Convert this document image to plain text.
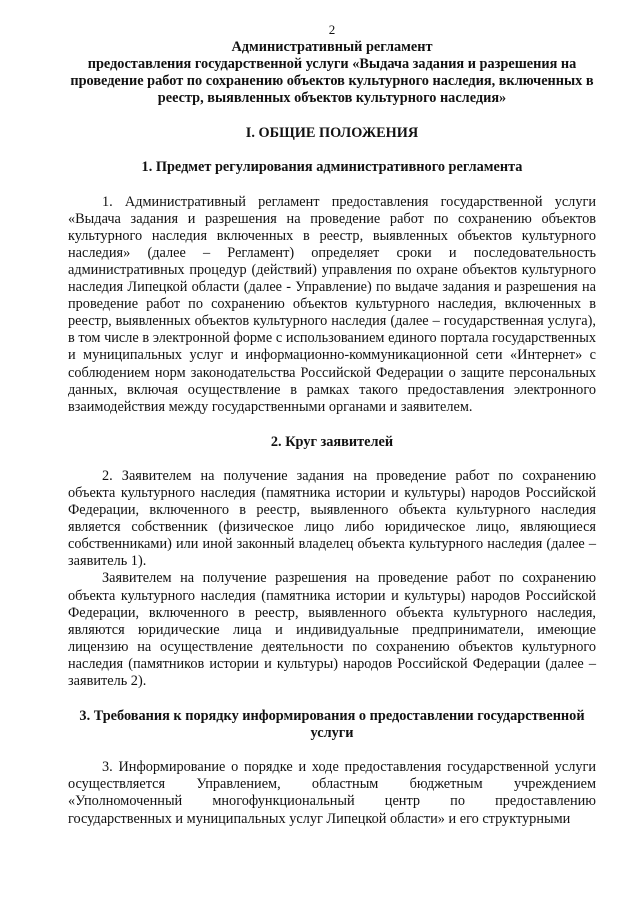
2
Административный регламент
предоставления государственной услуги «Выдача задания и разрешения на проведение работ по сохранению объектов культурного наследия, включенных в реестр, выявленных объектов культурного наследия»
I. ОБЩИЕ ПОЛОЖЕНИЯ
1. Предмет регулирования административного регламента

1. Административный регламент предоставления государственной услуги «Выдача задания и разрешения на проведение работ по сохранению объектов культурного наследия включенных в реестр, выявленных объектов культурного наследия» (далее – Регламент) определяет сроки и последовательность административных процедур (действий) управления по охране объектов культурного наследия Липецкой области (далее - Управление) по выдаче задания и разрешения на проведение работ по сохранению объектов культурного наследия, включенных в реестр, выявленных объектов культурного наследия (далее – государственная услуга), в том числе в электронной форме с использованием единого портала государственных и муниципальных услуг и информационно-коммуникационной сети «Интернет» с соблюдением норм законодательства Российской Федерации о защите персональных данных, включая осуществление в рамках такого предоставления электронного взаимодействия между государственными органами и заявителем.

2. Круг заявителей

2. Заявителем на получение задания на проведение работ по сохранению объекта культурного наследия (памятника истории и культуры) народов Российской Федерации, включенного в реестр, выявленного объекта культурного наследия является собственник (физическое лицо либо юридическое лицо, являющиеся собственниками) или иной законный владелец объекта культурного наследия (далее – заявитель 1).

Заявителем на получение разрешения на проведение работ по сохранению объекта культурного наследия (памятника истории и культуры) народов Российской Федерации, включенного в реестр, выявленного объекта культурного наследия, являются юридические лица и индивидуальные предприниматели, имеющие лицензию на осуществление деятельности по сохранению объектов культурного наследия (памятников истории и культуры) народов Российской Федерации (далее – заявитель 2).

3. Требования к порядку информирования о предоставлении государственной услуги

3. Информирование о порядке и ходе предоставления государственной услуги осуществляется Управлением, областным бюджетным учреждением «Уполномоченный многофункциональный центр по предоставлению государственных и муниципальных услуг Липецкой области» и его структурными
